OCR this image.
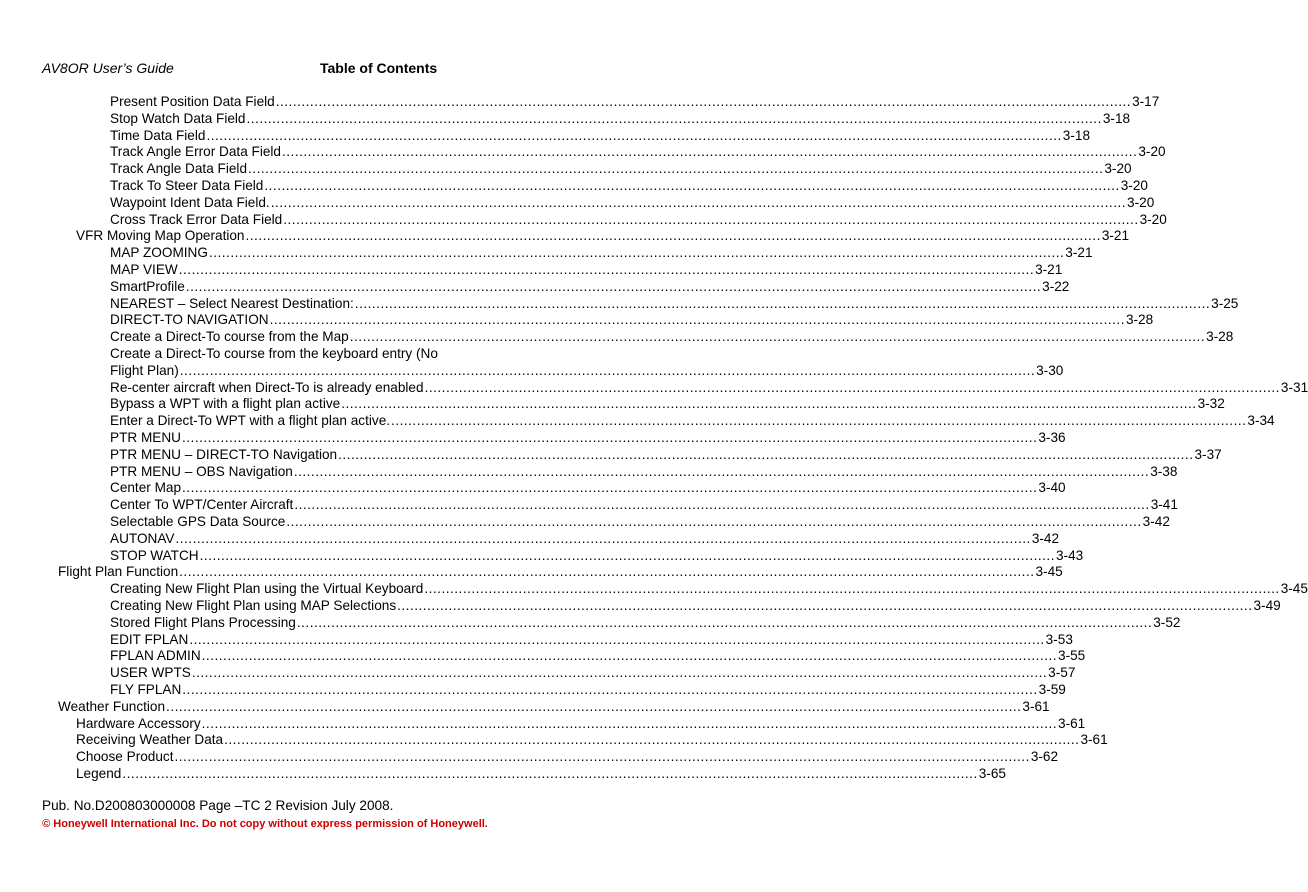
AV8OR User’s Guide	Table of Contents
Present Position Data Field ........................................................................................................................................................................................................ 3-17
Stop Watch Data Field ........................................................................................................................................................................................................ 3-18
Time Data Field ........................................................................................................................................................................................................ 3-18
Track Angle Error Data Field ........................................................................................................................................................................................................ 3-20
Track Angle Data Field ........................................................................................................................................................................................................ 3-20
Track To Steer Data Field ........................................................................................................................................................................................................ 3-20
Waypoint Ident Data Field. ........................................................................................................................................................................................................ 3-20
Cross Track Error Data Field ........................................................................................................................................................................................................ 3-20
VFR Moving Map Operation ........................................................................................................................................................................................................ 3-21
MAP ZOOMING ........................................................................................................................................................................................................ 3-21
MAP VIEW ........................................................................................................................................................................................................ 3-21
SmartProfile ........................................................................................................................................................................................................ 3-22
NEAREST – Select Nearest Destination: ........................................................................................................................................................................................................ 3-25
DIRECT-TO NAVIGATION ........................................................................................................................................................................................................ 3-28
Create a Direct-To course from the Map ........................................................................................................................................................................................................ 3-28
Create a Direct-To course from the keyboard entry (No
Flight Plan) ........................................................................................................................................................................................................ 3-30
Re-center aircraft when Direct-To is already enabled ........................................................................................................................................................................................................ 3-31
Bypass a WPT with a flight plan active ........................................................................................................................................................................................................ 3-32
Enter a Direct-To WPT with a flight plan active. ........................................................................................................................................................................................................ 3-34
PTR MENU ........................................................................................................................................................................................................ 3-36
PTR MENU – DIRECT-TO Navigation ........................................................................................................................................................................................................ 3-37
PTR MENU – OBS Navigation ........................................................................................................................................................................................................ 3-38
Center Map ........................................................................................................................................................................................................ 3-40
Center To WPT/Center Aircraft ........................................................................................................................................................................................................ 3-41
Selectable GPS Data Source ........................................................................................................................................................................................................ 3-42
AUTONAV ........................................................................................................................................................................................................ 3-42
STOP WATCH ........................................................................................................................................................................................................ 3-43
Flight Plan Function ........................................................................................................................................................................................................ 3-45
Creating New Flight Plan using the Virtual Keyboard ........................................................................................................................................................................................................ 3-45
Creating New Flight Plan using MAP Selections ........................................................................................................................................................................................................ 3-49
Stored Flight Plans Processing ........................................................................................................................................................................................................ 3-52
EDIT FPLAN ........................................................................................................................................................................................................ 3-53
FPLAN ADMIN ........................................................................................................................................................................................................ 3-55
USER WPTS ........................................................................................................................................................................................................ 3-57
FLY FPLAN ........................................................................................................................................................................................................ 3-59
Weather Function ........................................................................................................................................................................................................ 3-61
Hardware Accessory ........................................................................................................................................................................................................ 3-61
Receiving Weather Data ........................................................................................................................................................................................................ 3-61
Choose Product ........................................................................................................................................................................................................ 3-62
Legend ........................................................................................................................................................................................................ 3-65
Pub. No.D200803000008 Page –TC 2 Revision July 2008.
© Honeywell International Inc. Do not copy without express permission of Honeywell.
